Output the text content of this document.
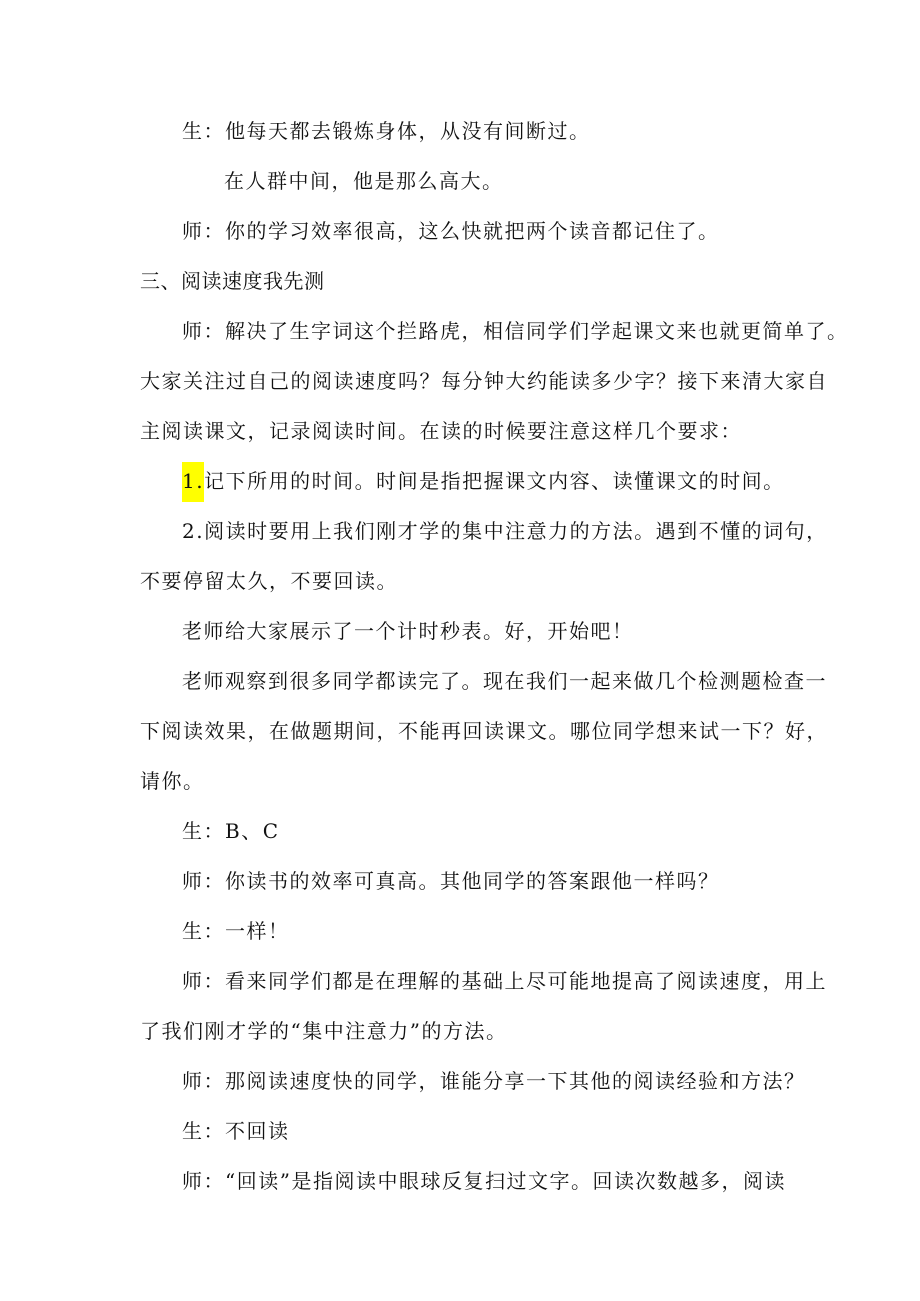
生：他每天都去锻炼身体，从没有间断过。
在人群中间，他是那么高大。
师：你的学习效率很高，这么快就把两个读音都记住了。
三、阅读速度我先测
师：解决了生字词这个拦路虎，相信同学们学起课文来也就更简单了。
大家关注过自己的阅读速度吗？每分钟大约能读多少字？接下来清大家自
主阅读课文，记录阅读时间。在读的时候要注意这样几个要求：
1.记下所用的时间。时间是指把握课文内容、读懂课文的时间。
2.阅读时要用上我们刚才学的集中注意力的方法。遇到不懂的词句，
不要停留太久，不要回读。
老师给大家展示了一个计时秒表。好，开始吧！
老师观察到很多同学都读完了。现在我们一起来做几个检测题检查一
下阅读效果，在做题期间，不能再回读课文。哪位同学想来试一下？好，
请你。
生：B、C
师：你读书的效率可真高。其他同学的答案跟他一样吗？
生：一样！
师：看来同学们都是在理解的基础上尽可能地提高了阅读速度，用上
了我们刚才学的“集中注意力”的方法。
师：那阅读速度快的同学，谁能分享一下其他的阅读经验和方法？
生：不回读
师：“回读”是指阅读中眼球反复扫过文字。回读次数越多，阅读
